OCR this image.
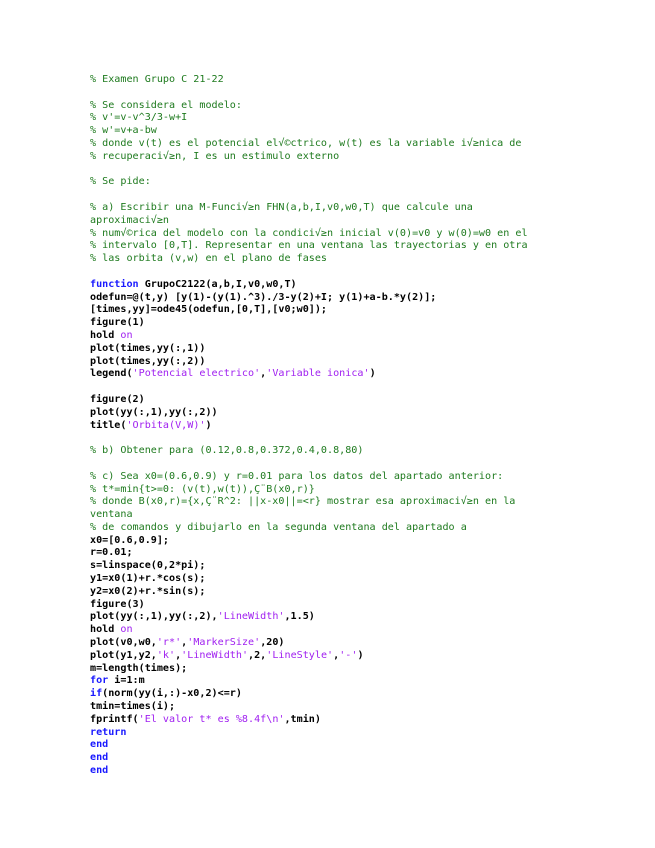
% Examen Grupo C 21-22
% Se considera el modelo:
% v'=v-v^3/3-w+I
% w'=v+a-bw
% donde v(t) es el potencial el√©ctrico, w(t) es la variable i√≥nica de
% recuperaci√≥n, I es un estimulo externo
% Se pide:
% a) Escribir una M-Funci√≥n FHN(a,b,I,v0,w0,T) que calcule una
aproximaci√≥n
% num√©rica del modelo con la condici√≥n inicial v(0)=v0 y w(0)=w0 en el
% intervalo [0,T]. Representar en una ventana las trayectorias y en otra
% las orbita (v,w) en el plano de fases
function GrupoC2122(a,b,I,v0,w0,T)
odefun=@(t,y) [y(1)-(y(1).^3)./3-y(2)+I; y(1)+a-b.*y(2)];
[times,yy]=ode45(odefun,[0,T],[v0;w0]);
figure(1)
hold on
plot(times,yy(:,1))
plot(times,yy(:,2))
legend('Potencial electrico','Variable ionica')
figure(2)
plot(yy(:,1),yy(:,2))
title('Orbita(V,W)')
% b) Obtener para (0.12,0.8,0.372,0.4,0.8,80)
% c) Sea x0=(0.6,0.9) y r=0.01 para los datos del apartado anterior:
% t*=min{t>=0: (v(t),w(t)),Ç¨B(x0,r)}
% donde B(x0,r)={x,Ç¨R^2: ||x-x0||=<r} mostrar esa aproximaci√≥n en la
ventana
% de comandos y dibujarlo en la segunda ventana del apartado a
x0=[0.6,0.9];
r=0.01;
s=linspace(0,2*pi);
y1=x0(1)+r.*cos(s);
y2=x0(2)+r.*sin(s);
figure(3)
plot(yy(:,1),yy(:,2),'LineWidth',1.5)
hold on
plot(v0,w0,'r*','MarkerSize',20)
plot(y1,y2,'k','LineWidth',2,'LineStyle','-')
m=length(times);
for i=1:m
if(norm(yy(i,:)-x0,2)<=r)
tmin=times(i);
fprintf('El valor t* es %8.4f\n',tmin)
return
end
end
end
